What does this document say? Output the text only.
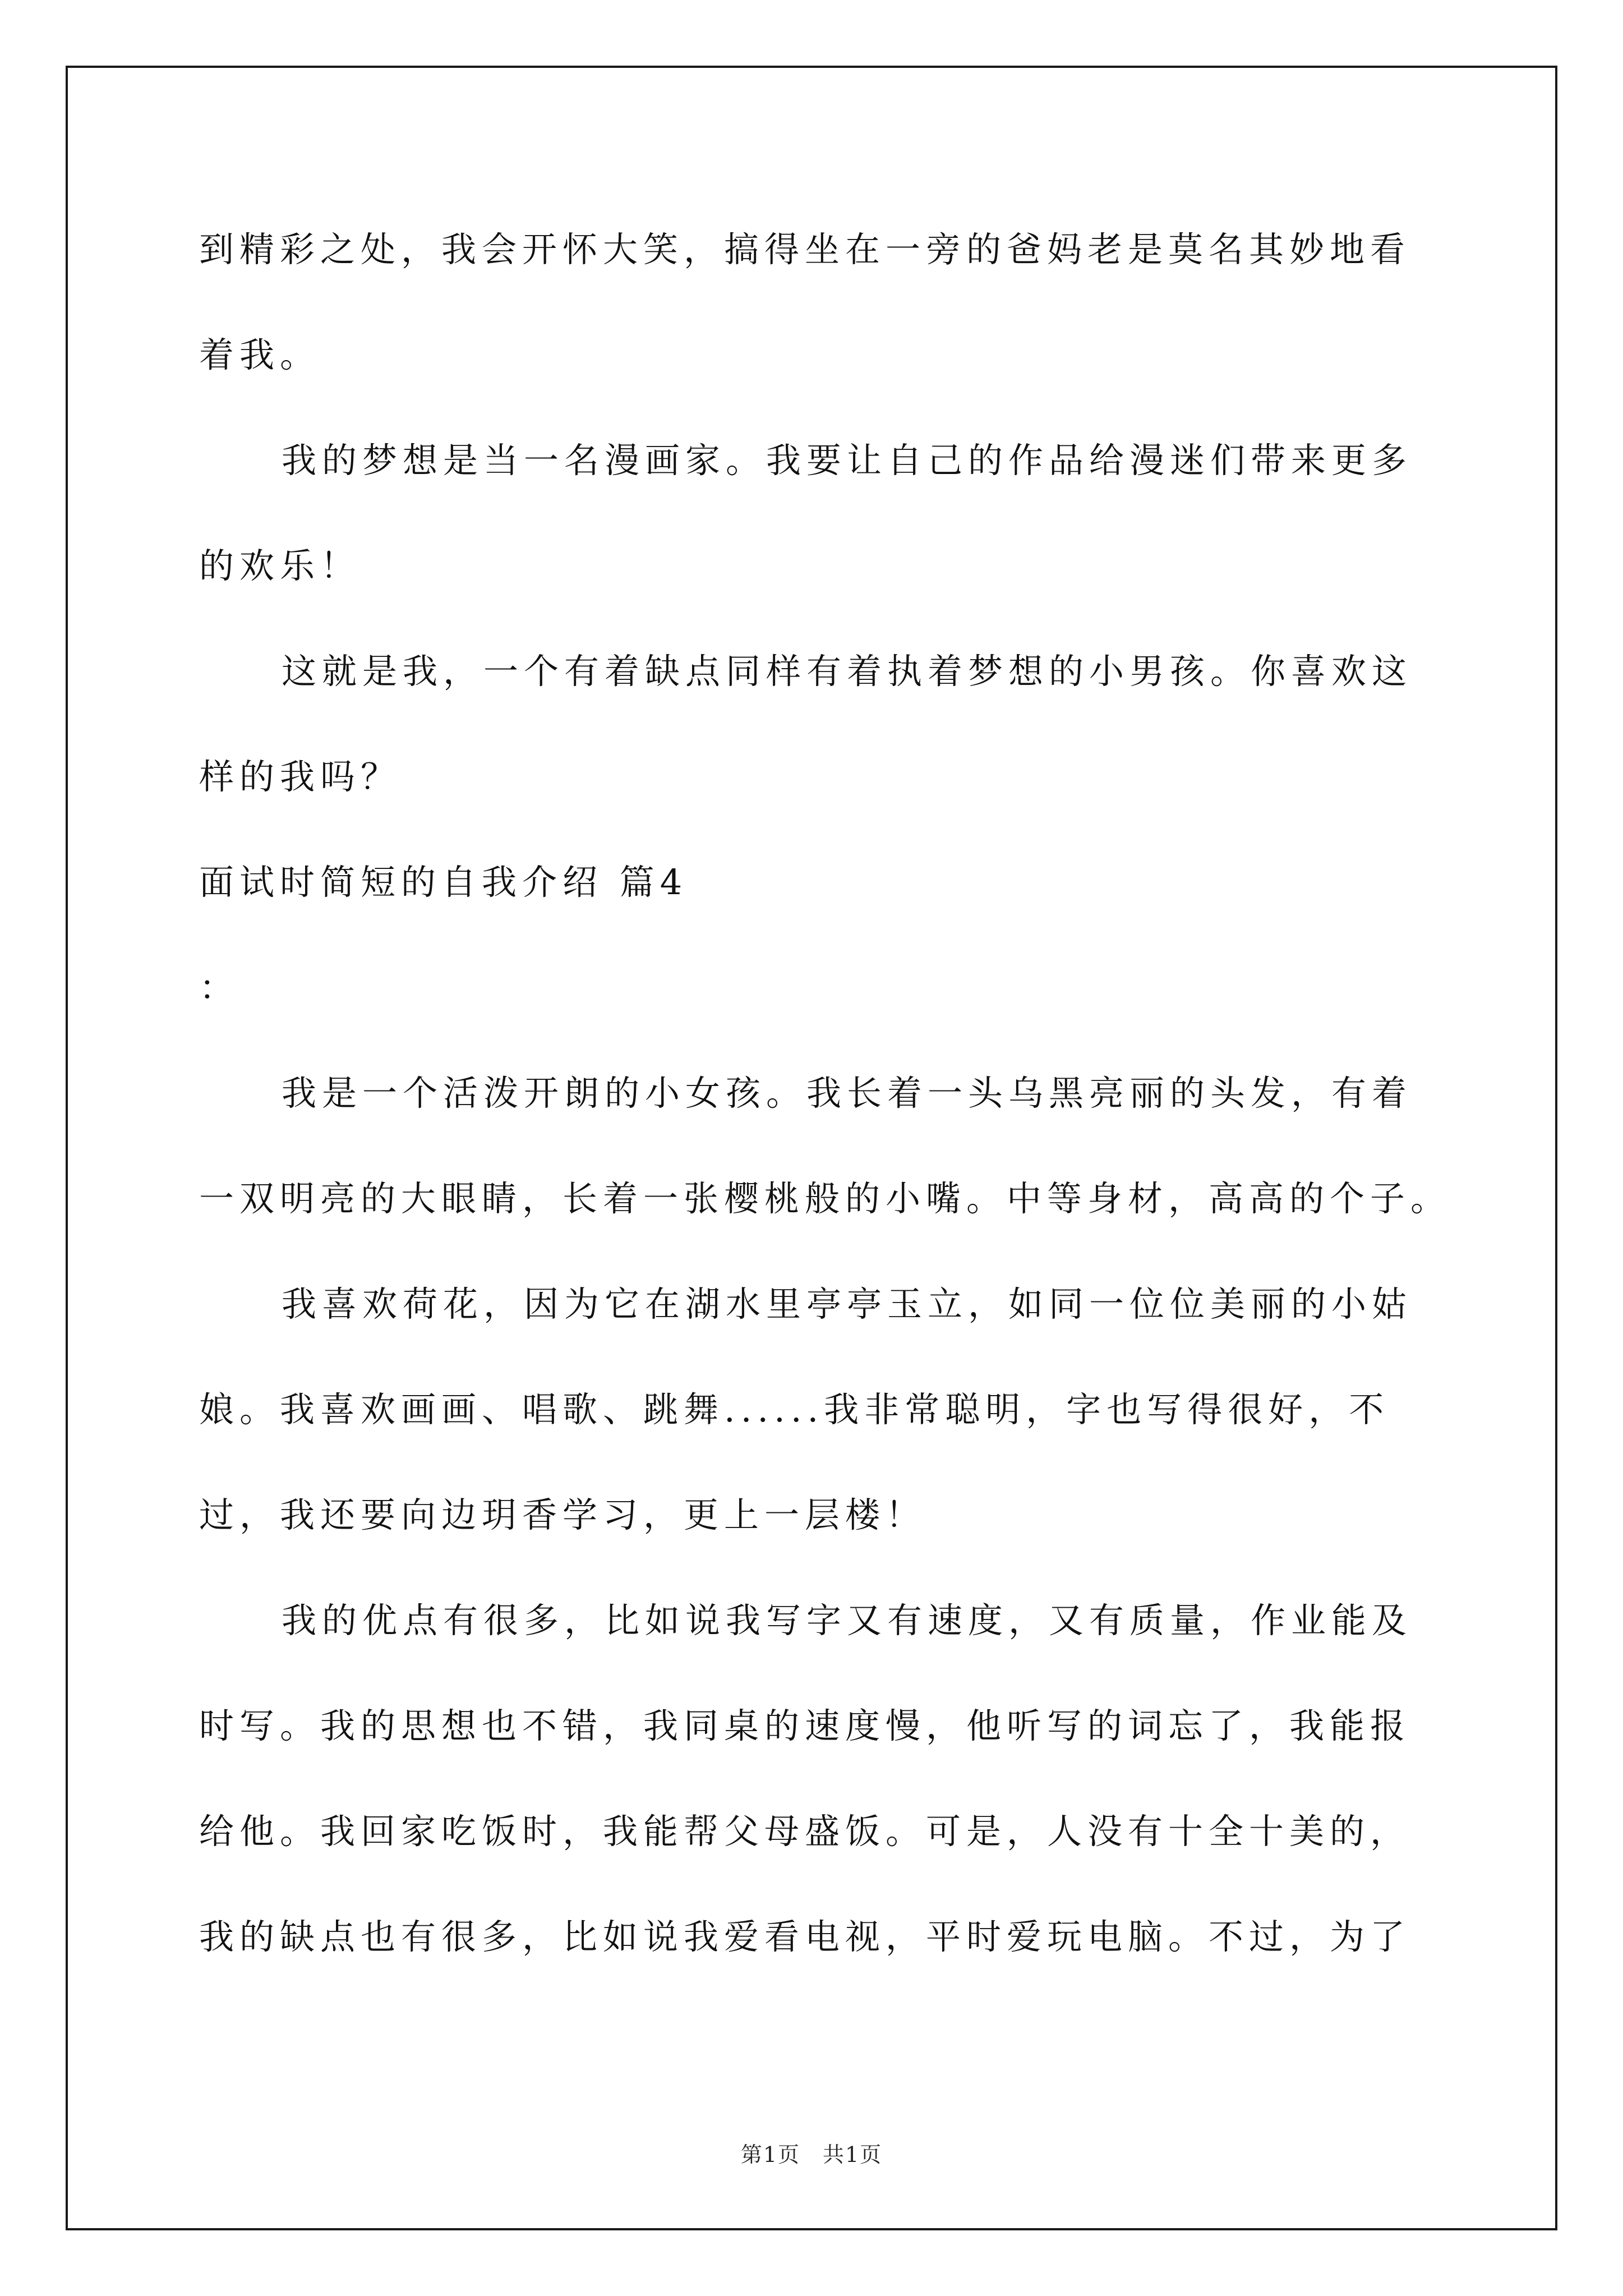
到精彩之处，我会开怀大笑，搞得坐在一旁的爸妈老是莫名其妙地看
着我。
我的梦想是当一名漫画家。我要让自己的作品给漫迷们带来更多
的欢乐！
这就是我，一个有着缺点同样有着执着梦想的小男孩。你喜欢这
样的我吗？
面试时简短的自我介绍 篇4
：
我是一个活泼开朗的小女孩。我长着一头乌黑亮丽的头发，有着
一双明亮的大眼睛，长着一张樱桃般的小嘴。中等身材，高高的个子。
我喜欢荷花，因为它在湖水里亭亭玉立，如同一位位美丽的小姑
娘。我喜欢画画、唱歌、跳舞......我非常聪明，字也写得很好，不
过，我还要向边玥香学习，更上一层楼！
我的优点有很多，比如说我写字又有速度，又有质量，作业能及
时写。我的思想也不错，我同桌的速度慢，他听写的词忘了，我能报
给他。我回家吃饭时，我能帮父母盛饭。可是，人没有十全十美的，
我的缺点也有很多，比如说我爱看电视，平时爱玩电脑。不过，为了
第1页　共1页
